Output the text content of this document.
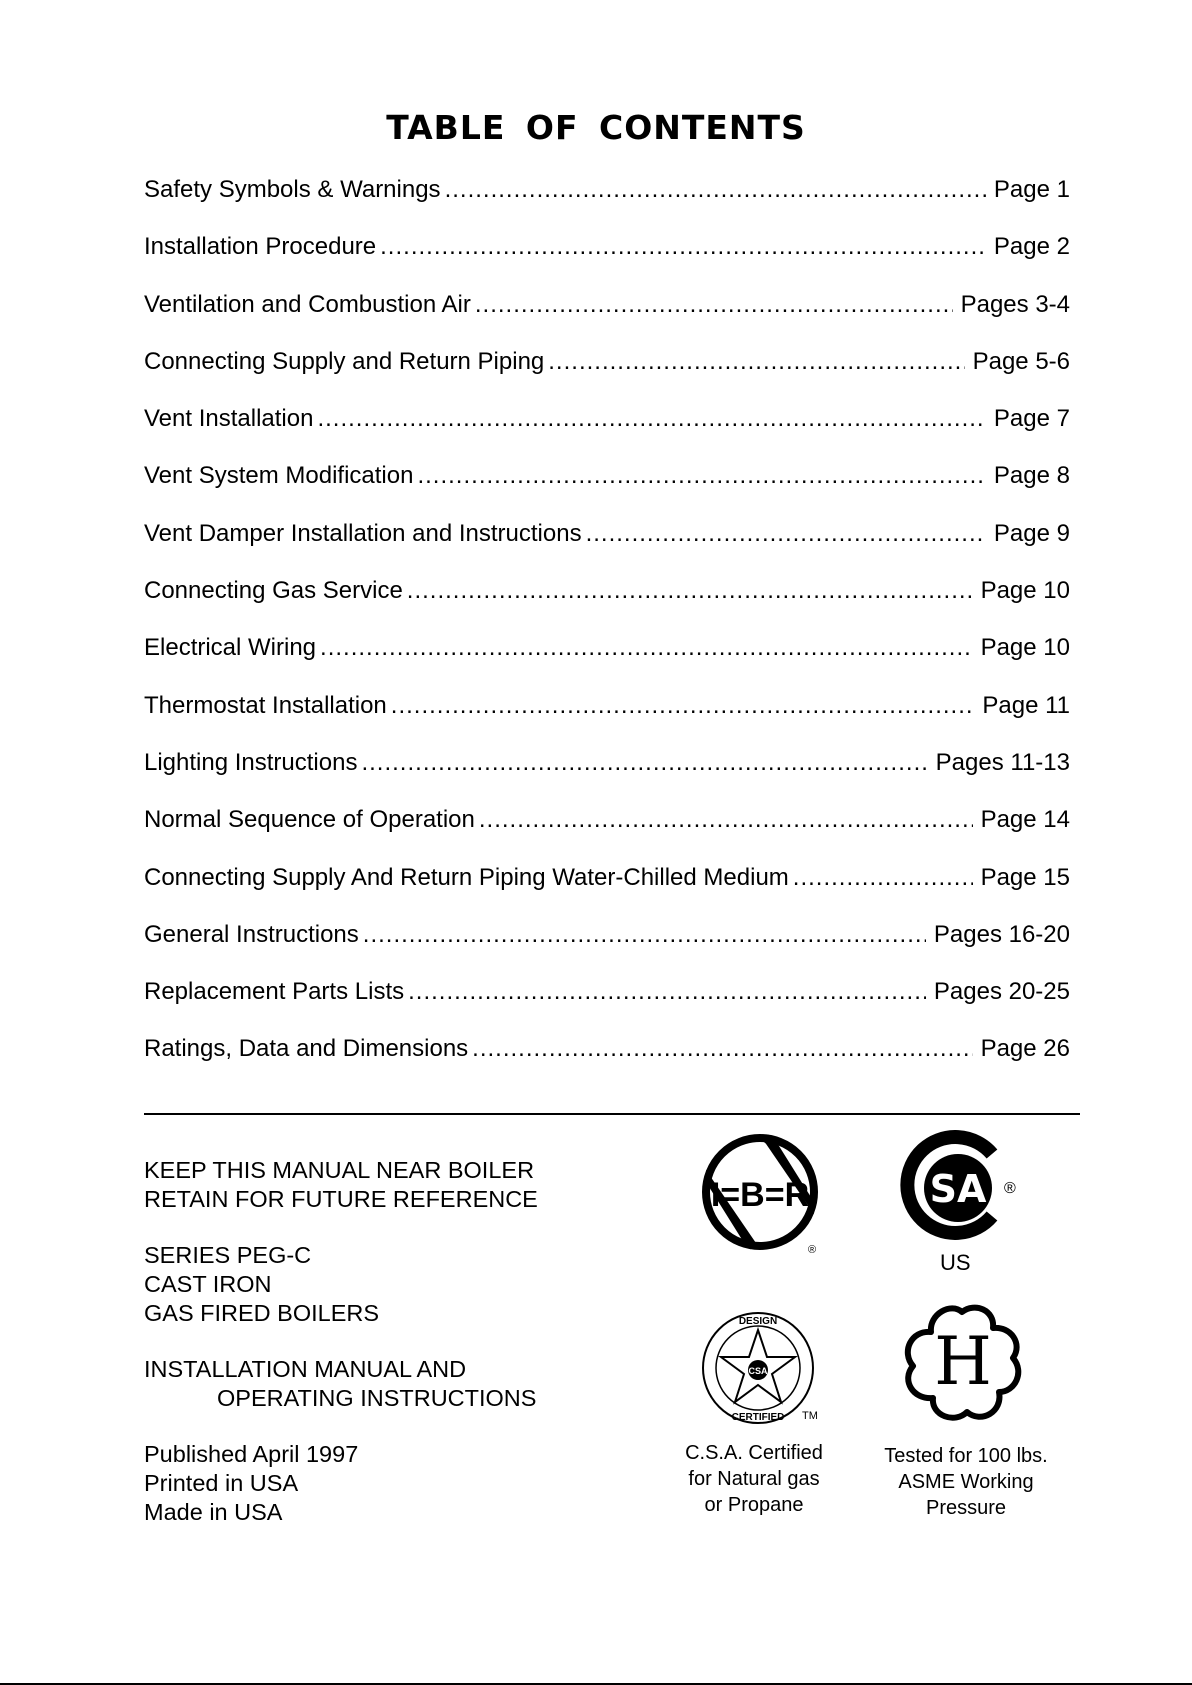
TABLE OF CONTENTS
Safety Symbols & Warnings .....	Page 1
Installation Procedure .....	Page 2
Ventilation and Combustion Air .....	Pages 3-4
Connecting Supply and Return Piping .....	Page 5-6
Vent Installation .....	Page 7
Vent System Modification .....	Page 8
Vent Damper Installation and Instructions .....	Page 9
Connecting Gas Service .....	Page 10
Electrical Wiring .....	Page 10
Thermostat Installation .....	Page 11
Lighting Instructions .....	Pages 11-13
Normal Sequence of Operation .....	Page 14
Connecting Supply And Return Piping Water-Chilled Medium .....	Page 15
General Instructions .....	Pages 16-20
Replacement Parts Lists .....	Pages 20-25
Ratings, Data and Dimensions .....	Page 26
KEEP THIS MANUAL NEAR BOILER
RETAIN FOR FUTURE REFERENCE
SERIES PEG-C
CAST IRON
GAS FIRED BOILERS
INSTALLATION MANUAL AND
OPERATING INSTRUCTIONS
Published April 1997
Printed in USA
Made in USA
I=B=R
®
SA ®
US
CSA
DESIGN
CERTIFIED TM
C.S.A. Certified
for Natural gas
or Propane
H
Tested for 100 lbs.
ASME Working
Pressure
